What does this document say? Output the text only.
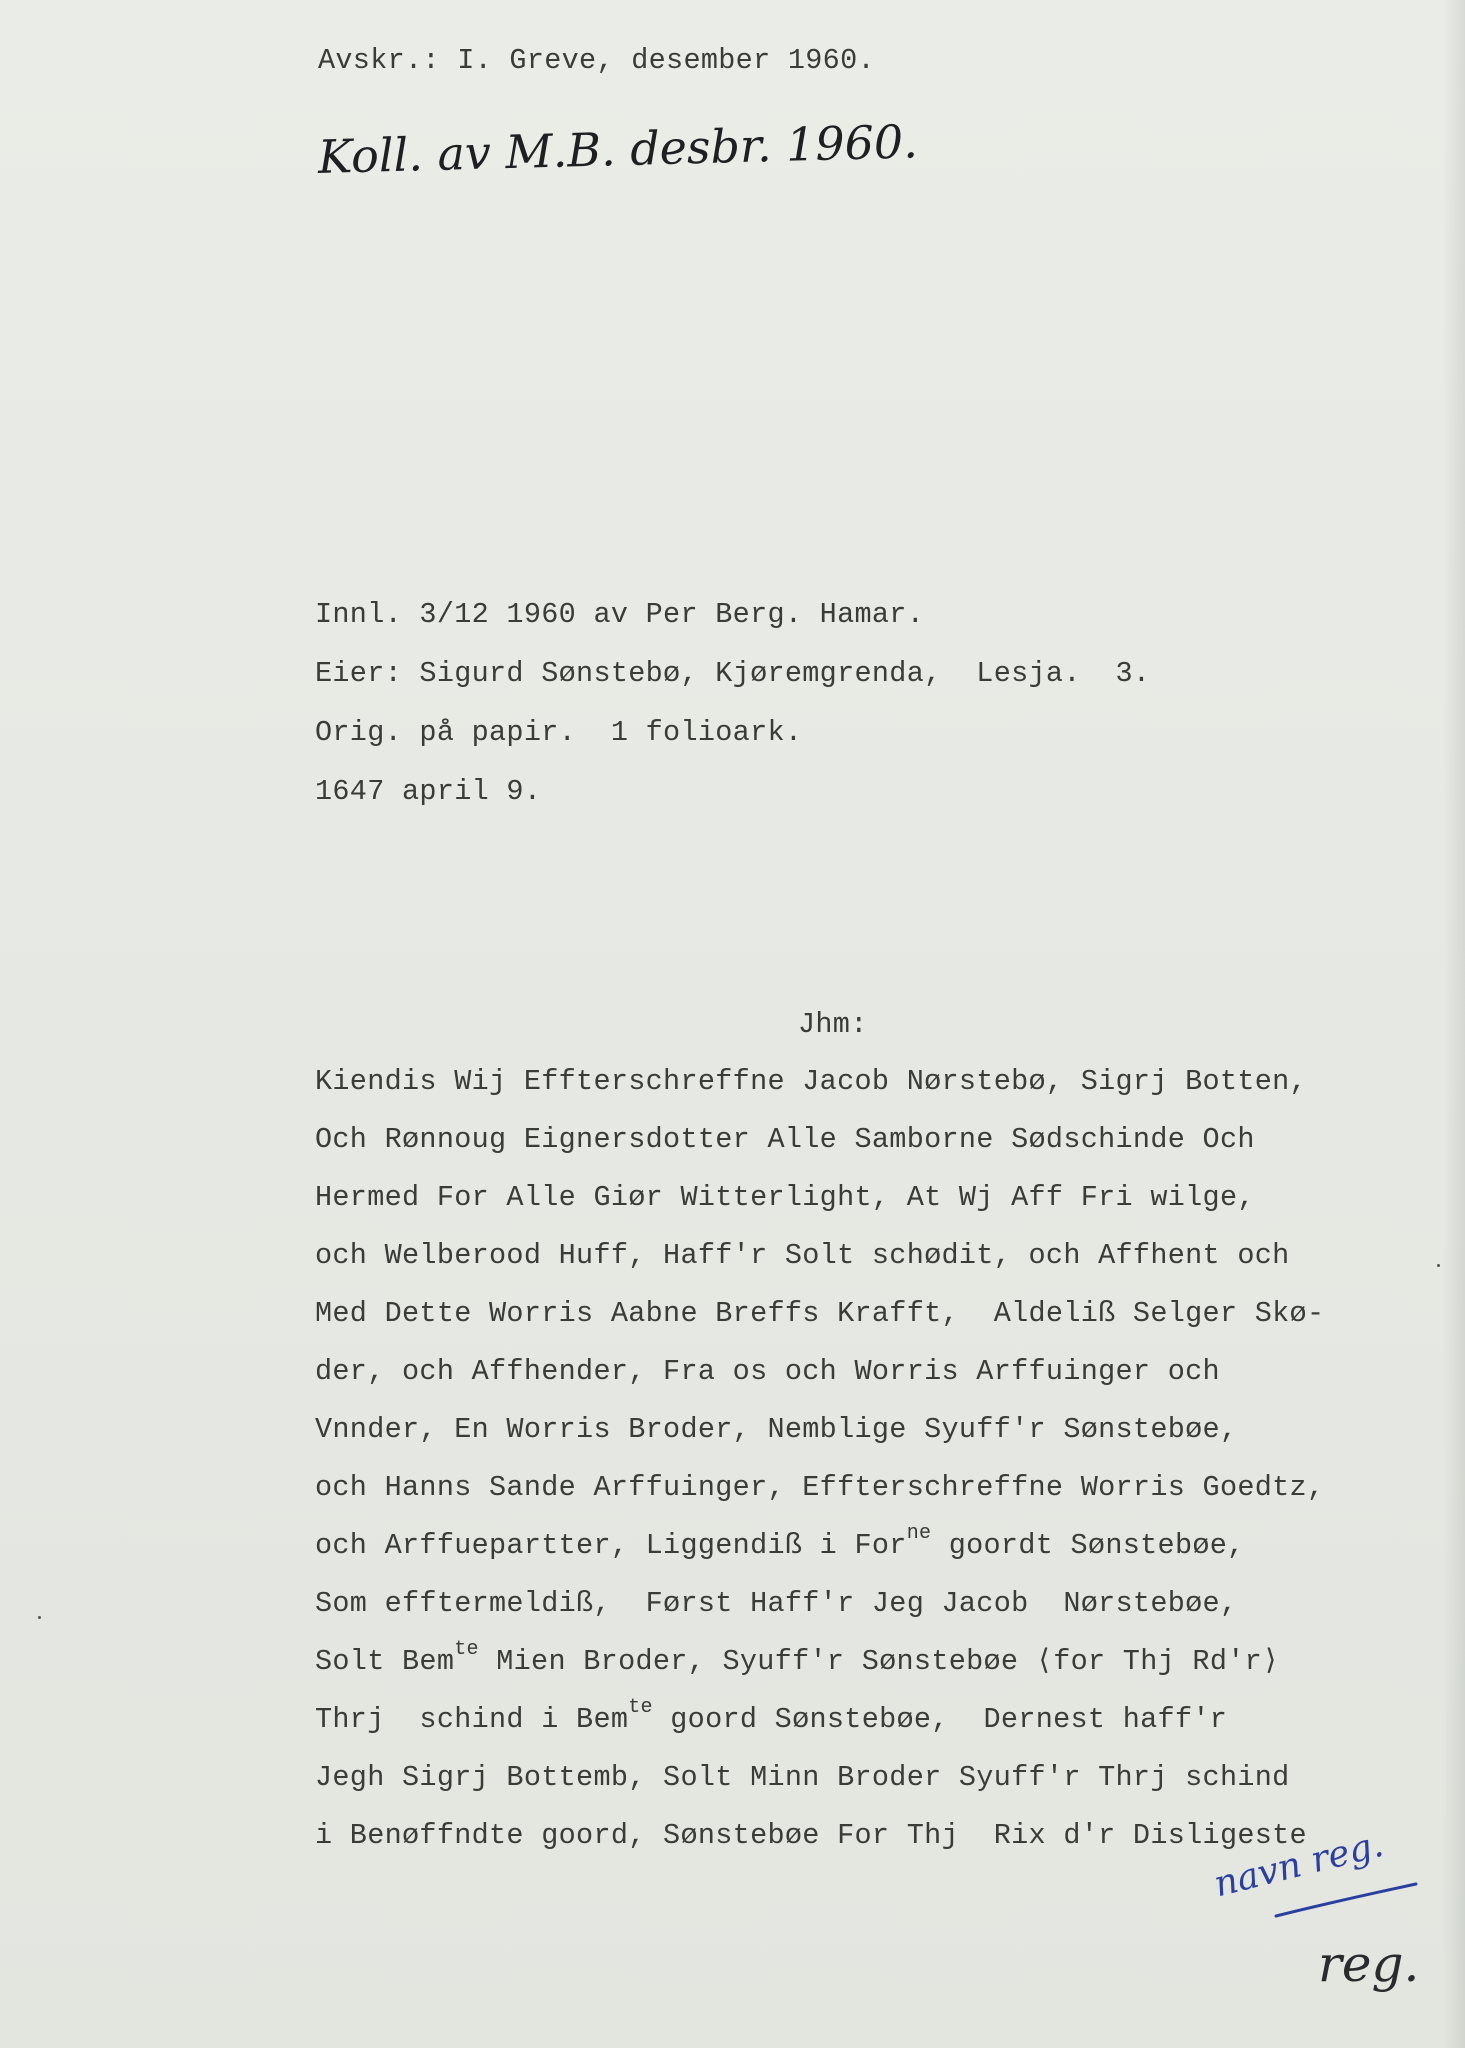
Avskr.: I. Greve, desember 1960.
Koll. av M.B. desbr. 1960.
Innl. 3/12 1960 av Per Berg. Hamar.
Eier: Sigurd Sønstebø, Kjøremgrenda,  Lesja.  3.
Orig. på papir.  1 folioark.
1647 april 9.
Jhm:
Kiendis Wij Effterschreffne Jacob Nørstebø, Sigrj Botten,
Och Rønnoug Eignersdotter Alle Samborne Sødschinde Och
Hermed For Alle Giør Witterlight, At Wj Aff Fri wilge,
och Welberood Huff, Haff'r Solt schødit, och Affhent och
Med Dette Worris Aabne Breffs Krafft,  Aldeliß Selger Skø-
der, och Affhender, Fra os och Worris Arffuinger och
Vnnder, En Worris Broder, Nemblige Syuff'r Sønstebøe,
och Hanns Sande Arffuinger, Effterschreffne Worris Goedtz,
och Arffuepartter, Liggendiß i For$^{ne}$ goordt Sønstebøe,
Som efftermeldiß,  Først Haff'r Jeg Jacob  Nørstebøe,
Solt Bem$^{te}$ Mien Broder, Syuff'r Sønstebøe ⟨for Thj Rd'r⟩
Thrj  schind i Bem$^{te}$ goord Sønstebøe,  Dernest haff'r
Jegh Sigrj Bottemb, Solt Minn Broder Syuff'r Thrj schind
i Benøffndte goord, Sønstebøe For Thj  Rix d'r Disligeste
navn reg.
reg.
